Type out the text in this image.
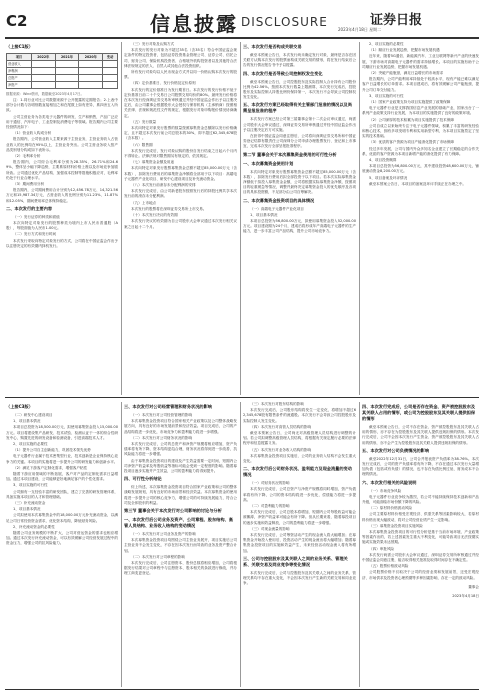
C2	信息披露 DISCLOSURE	证券日报
2023年4月18日 星期二
（上接C1版）
项目	2022年	2021年	2020年	变动
营业收入				
净利润				
总资产				
净资产				
数据来源：Wind资讯，数据截至2023年4月17日。

注：1.同行业可比公司数据来源于公开披露的定期报告；2.上表中部分合计数与各明细数直接相加之和在尾数上如有差异，系四舍五入所致。

公司主营业务为各类电子元器件的研发、生产和销售，产品广泛应用于通信、汽车电子、工业控制及消费电子等领域。报告期内公司主要经营情况如下：

（1）营业收入构成分析

报告期内，公司营业收入主要来源于主营业务，主营业务收入占营业收入的比例均在95%以上，主营业务突出。公司主营业务收入按产品类别划分构成如下表所示。

（2）毛利率分析

报告期内，公司综合毛利率分别为28.35%、26.71%和24.69%，整体呈小幅下降趋势，主要系原材料价格上涨以及市场竞争加剧所致。公司通过优化产品结构、加强成本控制等措施积极应对，毛利率仍处于行业合理水平。

（3）期间费用分析

报告期内，公司期间费用合计分别为12,456.78万元、14,321.56万元和15,987.34万元，占营业收入的比例分别为11.23%、11.87%和12.05%，期间费用率总体保持稳定。

二、本次发行的主要内容

（一）发行证券的种类和面值

本次向特定对象发行的股票种类为境内上市人民币普通股（A股），每股面值为人民币1.00元。

（二）发行方式和发行时间

本次发行采取向特定对象发行的方式，公司将在中国证监会作出予以注册决定的有效期内择机发行。

（三）发行对象及认购方式

本次发行的发行对象为不超过35名（含35名）符合中国证监会规定条件的特定投资者，包括证券投资基金管理公司、证券公司、信托公司、财务公司、保险机构投资者、合格境外机构投资者以及其他符合法律法规规定的法人、自然人或其他合法投资组织。

所有发行对象均以人民币现金方式并以同一价格认购本次发行的股票。

（四）定价基准日、发行价格及定价原则

本次发行的定价基准日为发行期首日。本次发行的发行价格不低于定价基准日前二十个交易日公司股票交易均价的80%。最终发行价格将在本次发行经深圳证券交易所审核通过并经中国证监会作出予以注册决定后，由公司董事会根据股东大会授权与保荐机构（主承销商）按照相关法律、法规和规范性文件的规定，根据发行对象申购报价情况协商确定。

（五）发行数量

本次向特定对象发行股票的数量按照募集资金总额除以发行价格确定，且不超过本次发行前公司总股本的30%，即不超过62,345,678股（含本数）。

（六）限售期

本次发行完成后，发行对象认购的股份自发行结束之日起六个月内不得转让。法律法规对限售期另有规定的，依其规定。

（七）募集资金金额及用途

本次向特定对象发行股票募集资金总额不超过85,000.00万元（含本数），扣除发行费用后的募集资金净额将全部用于以下项目：高端电子元器件产业化项目、研发中心建设项目及补充流动资金。

（八）本次发行前滚存未分配利润的安排

本次发行完成后，由公司新老股东按照发行后的持股比例共享本次发行前的滚存未分配利润。

（九）上市地点

本次发行的股票将在深圳证券交易所上市交易。

（十）本次发行决议的有效期

本次发行决议的有效期为自公司股东大会审议通过本次发行相关议案之日起十二个月。

三、本次发行是否构成关联交易

截至本预案公告日，本次发行尚未确定发行对象，最终是否存在因关联方认购本次发行的股票而构成关联交易的情形，将在发行结束后公告的发行情况报告书中予以披露。

四、本次发行是否导致公司控制权发生变化

截至本预案公告日，公司控股股东及实际控制人合计持有公司股份比例为42.56%。按照本次发行数量上限测算，本次发行完成后，控股股东及实际控制人持股比例仍保持第一，本次发行不会导致公司控制权发生变化。

五、本次发行方案已经取得有关主管部门批准的情况以及尚需呈报批准的程序

本次发行方案已经公司第三届董事会第十二次会议审议通过，尚需公司股东大会审议通过、深圳证券交易所审核通过并经中国证监会作出予以注册决定后方可实施。

在获得中国证监会同意注册后，公司将向深圳证券交易所和中国证券登记结算有限责任公司深圳分公司申请办理股票发行、登记和上市事宜，完成本次发行全部呈报批准程序。

第二节 董事会关于本次募集资金使用的可行性分析

一、本次募集资金使用计划

本次向特定对象发行股票募集资金总额不超过85,000.00万元（含本数），扣除发行费用后拟全部投资于以下项目。若本次实际募集资金净额低于拟投入募集资金金额，公司将根据实际募集资金净额，按照项目的轻重缓急等情况，调整并最终决定募集资金投入的优先顺序及各项目的具体投资额，不足部分由公司自筹解决。

二、本次募集资金投资项目的具体情况

（一）高端电子元器件产业化项目

1、项目基本情况

本项目总投资为56,800.00万元，拟使用募集资金投入52,000.00万元。项目建设期为24个月，建成后将形成年产高端电子元器件的生产能力，进一步丰富公司产品结构，提升公司市场竞争力。

2、项目实施的必要性

（1）顺应行业发展趋势，把握市场发展机遇

近年来，随着5G通信、新能源汽车、工业互联网等新兴产业的快速发展，下游市场对高端电子元器件的需求持续增长。本项目的实施有助于公司顺应行业发展趋势，把握市场发展机遇。

（2）突破产能瓶颈，满足日益增长的市场需求

报告期内，公司产能利用率持续处于较高水平，现有产能已难以满足客户日益增长的订单需求。本项目建成后，将有效缓解公司产能瓶颈，提升公司订单交付能力。

3、项目实施的可行性

（1）国家产业政策支持为项目实施提供了政策保障

电子元器件行业是支撑我国信息产业发展的基础产业，国家出台了一系列产业政策支持行业发展，为本项目的实施提供了良好的政策环境。

（2）公司深厚的技术积累为项目实施提供了技术保障

公司自成立以来始终专注于电子元器件领域，积累了丰富的研发经验和核心技术，拥有多项发明专利和实用新型专利，为本项目实施奠定了坚实的技术基础。

（3）优质的客户资源为项目产能消化提供了市场保障

经过多年发展，公司与国内外众多知名企业建立了长期稳定的合作关系，优质的客户资源为本项目新增产能的消化提供了有力保障。

4、项目投资概算

本项目总投资为56,800.00万元，其中建设投资48,600.00万元，铺底流动资金8,200.00万元。

5、项目备案及环评情况

截至本预案公告日，本项目的备案及环评手续正在办理之中。

（上接C3版）

（二）研发中心建设项目

1、项目基本情况

本项目总投资为18,500.00万元，拟使用募集资金投入15,000.00万元。项目将建设集产品研发、技术试验、检测认证于一体的综合性研发中心，购置先进的研发设备和检测设备，引进高端技术人才。

2、项目实施的必要性

（1）提升公司自主创新能力，巩固技术领先优势

电子元器件行业属于技术密集型行业，技术创新是企业保持核心竞争力的关键。本项目的实施将进一步提升公司的研发能力和创新水平。

（2）满足下游客户定制化需求，增强客户粘性

随着下游应用领域的不断拓展，客户对产品的定制化需求日益增加。通过本项目建设，公司能够更好地满足客户的个性化需求。

3、项目实施的可行性

公司拥有一支经验丰富的研发团队，建立了完善的研发管理体系，具备实施本项目的人才和管理基础。

（三）补充流动资金

1、项目基本情况

公司拟使用本次募集资金中的18,000.00万元补充流动资金，以满足公司日常经营资金需求，优化资本结构，降低财务风险。

2、补充流动资金的必要性

随着公司业务规模的不断扩大，公司对营运资金的需求也相应增加。通过本次发行补充流动资金，可以有效缓解公司经营发展过程中的资金压力，增强公司的抗风险能力。

三、本次发行对公司经营管理和财务状况的影响

（一）本次发行对公司经营管理的影响

本次募集资金投资项目符合国家相关产业政策以及公司整体战略发展方向，具有良好的市场发展前景和经济效益。项目完成后，公司的产品结构将进一步优化，市场竞争力和盈利能力将进一步增强。

（二）本次发行对公司财务状况的影响

本次发行完成后，公司的总资产和净资产规模将相应增加，资产负债率将有所下降，资本结构更趋合理，财务状况将得到进一步改善，抗风险能力将进一步增强。

由于募集资金投资项目的建设及产生效益需要一定时间，短期内公司净资产收益率及每股收益等指标可能会受到一定程度的影响。随着募投项目逐步实施并产生效益，公司的盈利能力将得到提升。

四、可行性分析结论

综上所述，本次募集资金投资项目符合国家产业政策和公司的整体战略发展规划，具有良好的市场前景和经济效益。本次募集资金的使用将进一步提升公司的核心竞争力，增强公司的可持续发展能力，符合公司及全体股东的利益。

第三节 董事会关于本次发行对公司影响的讨论与分析

一、本次发行后公司业务及资产、公司章程、股东结构、高管人员结构、业务收入结构的变动情况

（一）本次发行对公司业务及资产的影响

本次募集资金投资项目均围绕公司主营业务展开，项目实施后公司主营业务不会发生变化，不存在因本次发行而导致的业务及资产整合计划。

（二）本次发行对公司章程的影响

本次发行完成后，公司注册资本、股份总数将相应增加，公司将根据发行结果对公司章程中与注册资本、股本相关的条款进行修改，并办理工商变更登记。

（三）本次发行对股东结构的影响

本次发行完成后，公司股东结构将发生一定变化，将增加不超过62,345,678股有限售条件的流通股。本次发行不会导致公司控股股东及实际控制人发生变化。

（四）本次发行对高管人员结构的影响

截至本预案公告日，公司尚无对高级管理人员结构进行调整的计划。若公司拟调整高级管理人员结构，将根据有关规定履行必要的法律程序和信息披露义务。

（五）本次发行对业务收入结构的影响

本次募集资金投资项目实施后，公司的业务收入结构不会发生重大变化。

二、本次发行后公司财务状况、盈利能力及现金流量的变动情况

（一）对财务状况的影响

本次发行完成后，公司总资产与净资产规模将同时增加，资产负债率将有所下降，公司的资本结构将进一步优化，偿债能力将进一步提高。

（二）对盈利能力的影响

本次发行完成后，公司总股本将增加，短期内公司每股收益可能会被摊薄，净资产收益率可能会有所下降。但从长期来看，随着募投项目的逐步实施和效益释放，公司的盈利能力将进一步增强。

（三）对现金流量的影响

本次发行完成后，公司筹资活动产生的现金流入将大幅增加；在募集资金开始投入使用后，投资活动产生的现金流出将大幅增加；随着募集资金投资项目的实施和效益产生，未来经营活动现金流入将有所增加。

三、公司与控股股东及其关联人之间的业务关系、管理关系、关联交易及同业竞争等变化情况

本次发行完成后，公司与控股股东及其关联人之间的业务关系、管理关系均不存在重大变化，不会因本次发行产生新的关联交易和同业竞争。

四、本次发行完成后，公司是否存在资金、资产被控股股东及其关联人占用的情形，或公司为控股股东及其关联人提供担保的情形

截至本预案公告日，公司不存在资金、资产被控股股东及其关联人占用的情形，亦不存在为控股股东及其关联人提供违规担保的情形。本次发行完成后，公司不会因本次发行产生资金、资产被控股股东及其关联人占用的情形，亦不会产生为控股股东及其关联人提供违规担保的情形。

五、本次发行对公司负债情况的影响

截至2022年12月31日，公司合并报表资产负债率为38.76%。本次发行完成后，公司的资产负债率将有所下降，不存在通过本次发行大量增加负债（包括或有负债）的情况，也不存在负债比例过低、财务成本不合理的情况。

六、本次发行相关的风险说明

（一）市场竞争风险

电子元器件行业竞争较为激烈，若公司不能持续保持技术创新和产品升级，可能面临市场份额下降的风险。

（二）原材料价格波动风险

公司主要原材料价格受宏观经济、供需关系等因素影响较大，若原材料价格出现大幅波动，将对公司经营业绩产生一定影响。

（三）募集资金投资项目实施风险

本次募集资金投资项目的可行性分析是基于当前市场环境、产业政策等因素作出的，若上述因素发生重大不利变化，可能导致项目无法按期实施或实施效果未达预期。

（四）审批风险

本次发行尚需公司股东大会审议通过、深圳证券交易所审核通过并经中国证监会同意注册，能否取得相关批准及取得时间存在不确定性。

（五）股票价格波动风险

公司股票价格不仅取决于公司的经营业绩和发展前景，还受宏观经济、市场供求及投资者心理预期等多种因素影响，存在一定的波动风险。

董事会
2023年4月18日
